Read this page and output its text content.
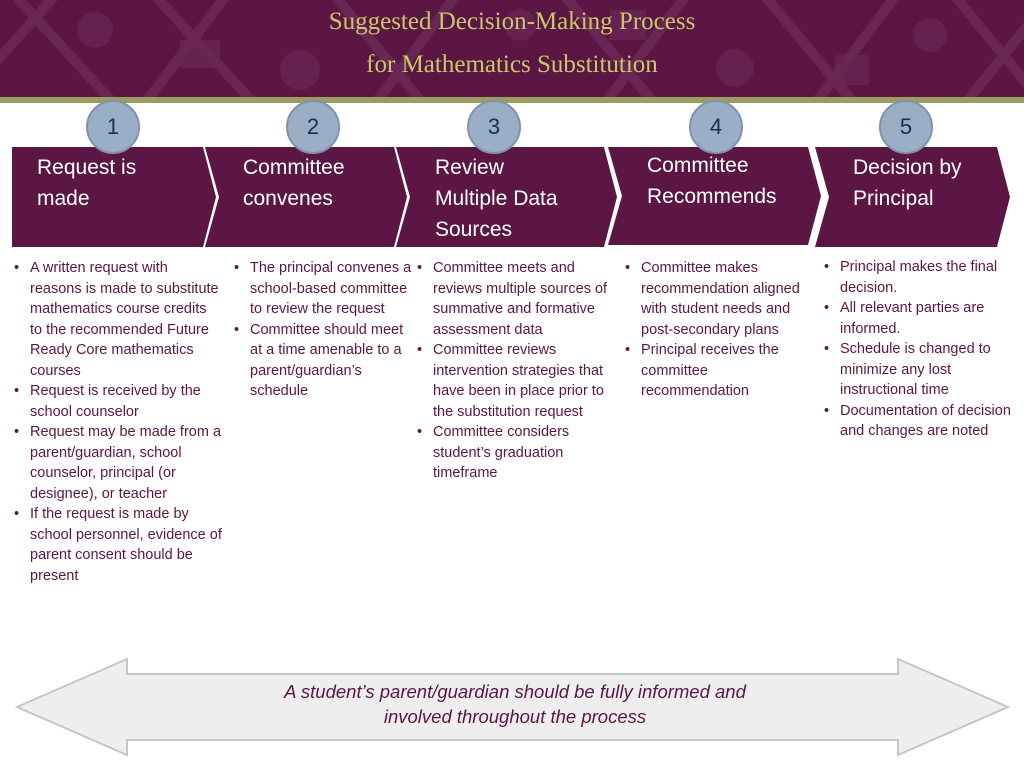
Suggested Decision-Making Process
for Mathematics Substitution
1	2	3	4	5
Request is
made
Committee
convenes
Review
Multiple Data
Sources
Committee
Recommends
Decision by
Principal
• A written request with reasons is made to substitute mathematics course credits to the recommended Future Ready Core mathematics courses
• Request is received by the school counselor
• Request may be made from a parent/guardian, school counselor, principal (or designee), or teacher
• If the request is made by school personnel, evidence of parent consent should be present
• The principal convenes a school-based committee to review the request
• Committee should meet at a time amenable to a parent/guardian’s schedule
• Committee meets and reviews multiple sources of summative and formative assessment data
• Committee reviews intervention strategies that have been in place prior to the substitution request
• Committee considers student’s graduation timeframe
• Committee makes recommendation aligned with student needs and post-secondary plans
• Principal receives the committee recommendation
• Principal makes the final decision.
• All relevant parties are informed.
• Schedule is changed to minimize any lost instructional time
• Documentation of decision and changes are noted
A student’s parent/guardian should be fully informed and
involved throughout the process
